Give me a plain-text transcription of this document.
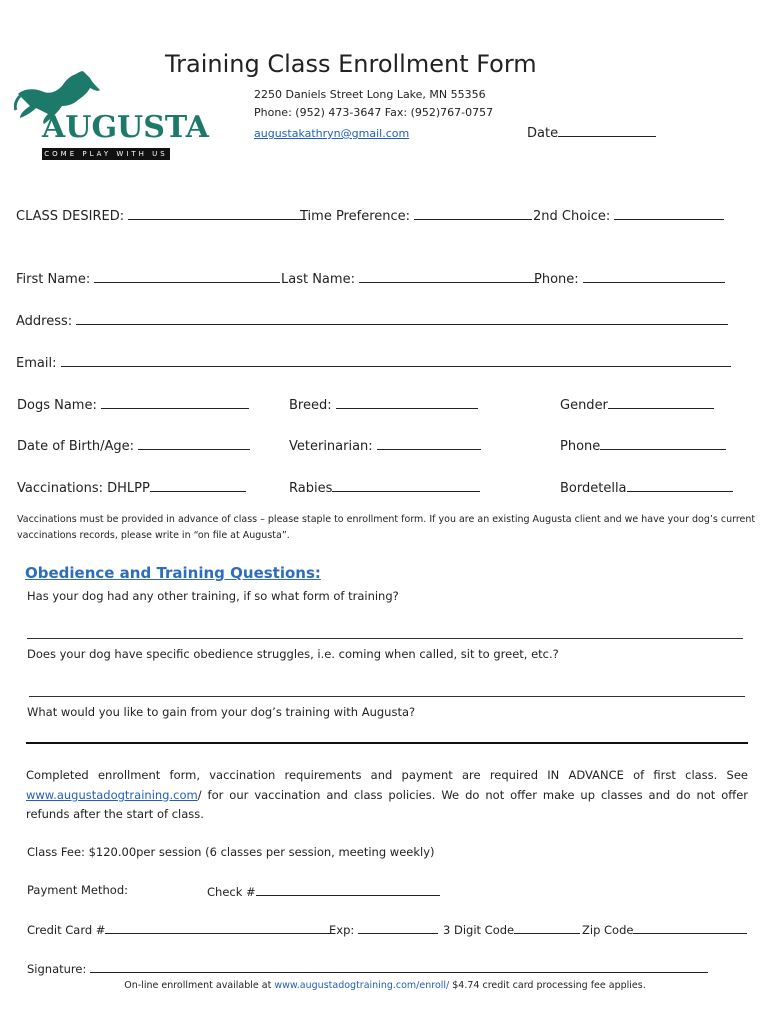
AUGUSTA
COME PLAY WITH US
Training Class Enrollment Form
2250 Daniels Street Long Lake, MN 55356
Phone: (952) 473-3647 Fax: (952)767-0757
augustakathryn@gmail.com	Date
CLASS DESIRED:	Time Preference:	2nd Choice:
First Name:	Last Name:	Phone:
Address:
Email:
Dogs Name:	Breed:	Gender
Date of Birth/Age:	Veterinarian:	Phone
Vaccinations: DHLPP	Rabies	Bordetella
Vaccinations must be provided in advance of class – please staple to enrollment form. If you are an existing Augusta client and we have your dog’s current
vaccinations records, please write in “on file at Augusta”.
Obedience and Training Questions:
Has your dog had any other training, if so what form of training?
Does your dog have specific obedience struggles, i.e. coming when called, sit to greet, etc.?
What would you like to gain from your dog’s training with Augusta?
Completed enrollment form, vaccination requirements and payment are required IN ADVANCE of first class. See www.augustadogtraining.com/ for our vaccination and class policies. We do not offer make up classes and do not offer refunds after the start of class.
Class Fee: $120.00per session (6 classes per session, meeting weekly)
Payment Method:	Check #
Credit Card #	Exp:	3 Digit Code	Zip Code
Signature:
On-line enrollment available at www.augustadogtraining.com/enroll/ $4.74 credit card processing fee applies.
